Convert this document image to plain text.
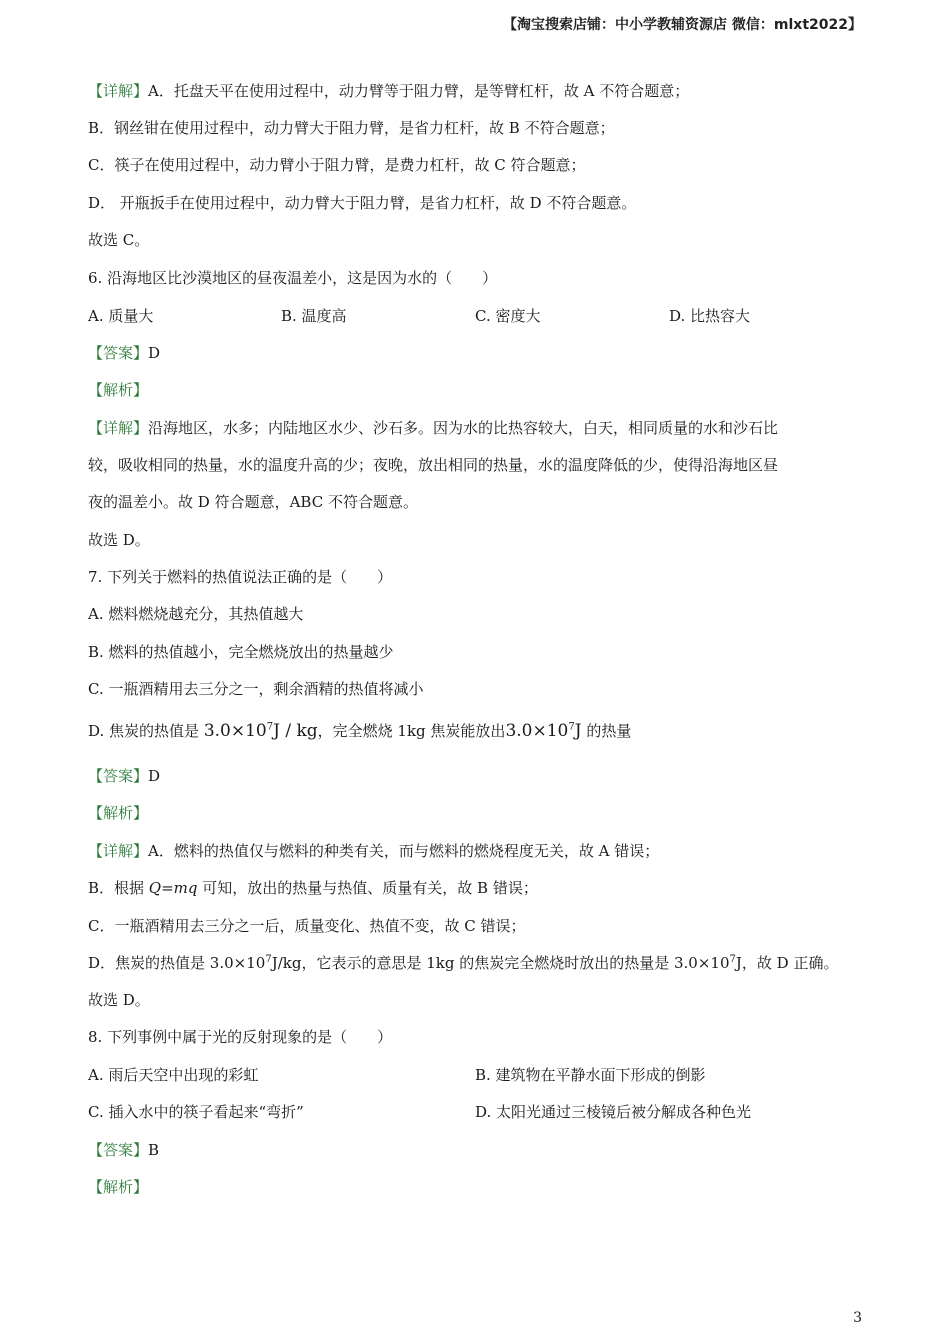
【淘宝搜索店铺：中小学教辅资源店 微信：mlxt2022】
【详解】A．托盘天平在使用过程中，动力臂等于阻力臂，是等臂杠杆，故 A 不符合题意；
B．钢丝钳在使用过程中，动力臂大于阻力臂，是省力杠杆，故 B 不符合题意；
C．筷子在使用过程中，动力臂小于阻力臂，是费力杠杆，故 C 符合题意；
D． 开瓶扳手在使用过程中，动力臂大于阻力臂，是省力杠杆，故 D 不符合题意。
故选 C。
6. 沿海地区比沙漠地区的昼夜温差小，这是因为水的（　　）
A. 质量大	B. 温度高	C. 密度大	D. 比热容大
【答案】D
【解析】
【详解】沿海地区，水多；内陆地区水少、沙石多。因为水的比热容较大，白天，相同质量的水和沙石比
较，吸收相同的热量，水的温度升高的少；夜晚，放出相同的热量，水的温度降低的少，使得沿海地区昼
夜的温差小。故 D 符合题意，ABC 不符合题意。
故选 D。
7. 下列关于燃料的热值说法正确的是（　　）
A. 燃料燃烧越充分，其热值越大
B. 燃料的热值越小，完全燃烧放出的热量越少
C. 一瓶酒精用去三分之一，剩余酒精的热值将减小
D. 焦炭的热值是 $3.0\times 10^7J$ / kg，完全燃烧 1kg 焦炭能放出$3.0\times 10^7J$ 的热量
【答案】D
【解析】
【详解】A．燃料的热值仅与燃料的种类有关，而与燃料的燃烧程度无关，故 A 错误；
B．根据 Q=mq 可知，放出的热量与热值、质量有关，故 B 错误；
C．一瓶酒精用去三分之一后，质量变化、热值不变，故 C 错误；
D．焦炭的热值是 $3.0\times 10^7J/kg$，它表示的意思是 1kg 的焦炭完全燃烧时放出的热量是 $3.0\times 10^7J$，故 D 正确。
故选 D。
8. 下列事例中属于光的反射现象的是（　　）
A. 雨后天空中出现的彩虹	B. 建筑物在平静水面下形成的倒影
C. 插入水中的筷子看起来“弯折”	D. 太阳光通过三棱镜后被分解成各种色光
【答案】B
【解析】
3
